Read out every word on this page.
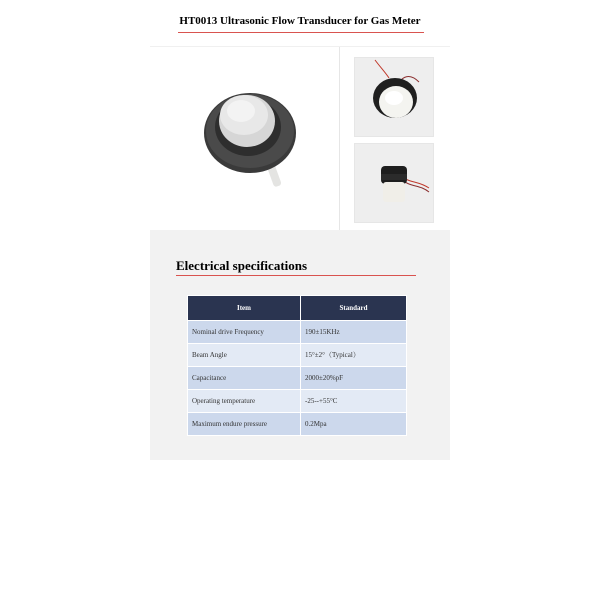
HT0013 Ultrasonic Flow Transducer for Gas Meter
Electrical specifications
Item	Standard
Nominal drive Frequency	190±15KHz
Beam Angle	15°±2°（Typical）
Capacitance	2000±20%pF
Operating temperature	-25--+55°C
Maximum endure pressure	0.2Mpa
